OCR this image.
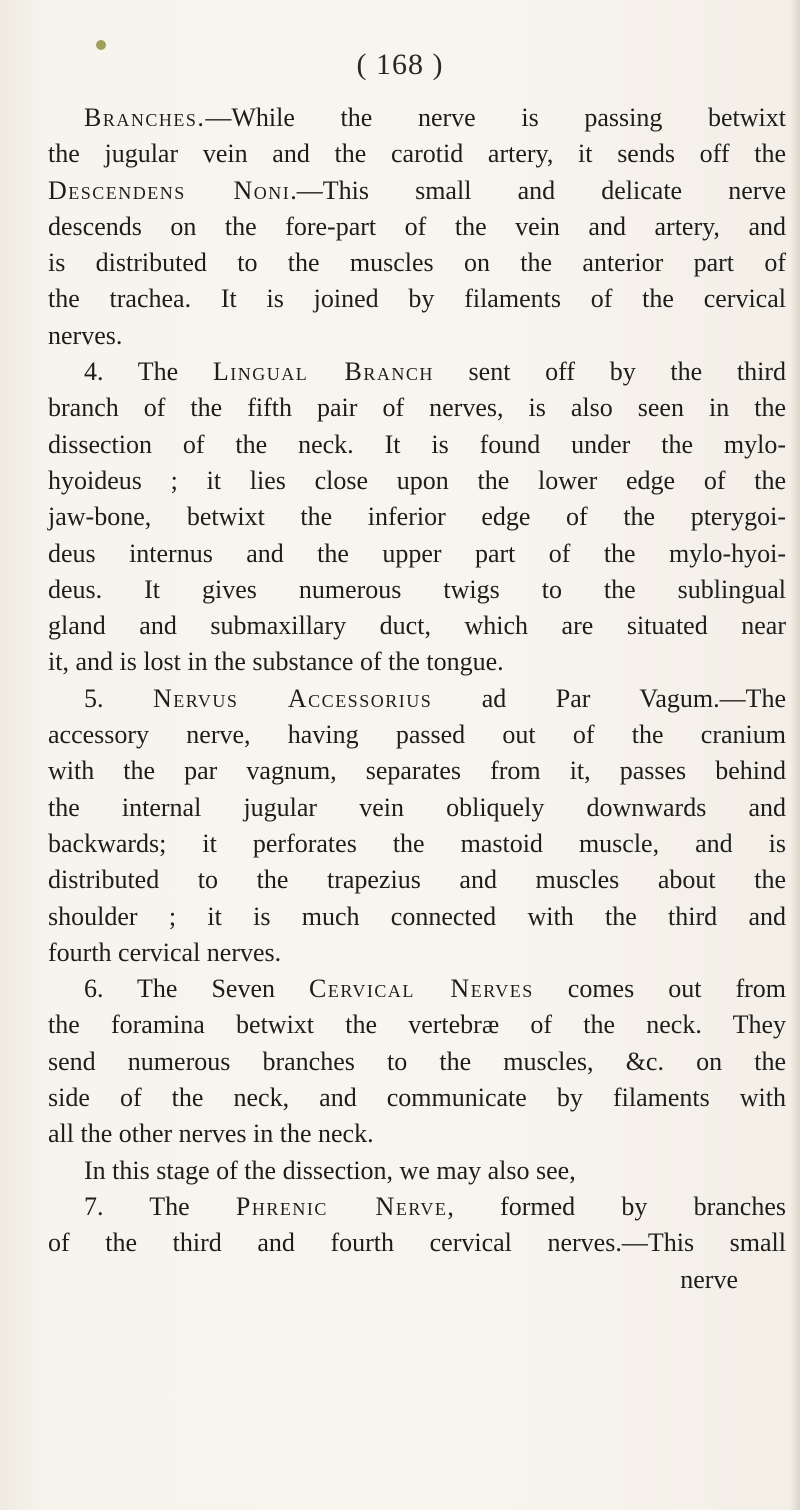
( 168 )
Branches.—While the nerve is passing betwixt
the jugular vein and the carotid artery, it sends off the
Descendens Noni.—This small and delicate nerve
descends on the fore-part of the vein and artery, and
is distributed to the muscles on the anterior part of
the trachea. It is joined by filaments of the cervical
nerves.
4. The Lingual Branch sent off by the third
branch of the fifth pair of nerves, is also seen in the
dissection of the neck. It is found under the mylo-
hyoideus ; it lies close upon the lower edge of the
jaw-bone, betwixt the inferior edge of the pterygoi-
deus internus and the upper part of the mylo-hyoi-
deus. It gives numerous twigs to the sublingual
gland and submaxillary duct, which are situated near
it, and is lost in the substance of the tongue.
5. Nervus Accessorius ad Par Vagum.—The
accessory nerve, having passed out of the cranium
with the par vagnum, separates from it, passes behind
the internal jugular vein obliquely downwards and
backwards; it perforates the mastoid muscle, and is
distributed to the trapezius and muscles about the
shoulder ; it is much connected with the third and
fourth cervical nerves.
6. The Seven Cervical Nerves comes out from
the foramina betwixt the vertebræ of the neck. They
send numerous branches to the muscles, &c. on the
side of the neck, and communicate by filaments with
all the other nerves in the neck.
In this stage of the dissection, we may also see,
7. The Phrenic Nerve, formed by branches
of the third and fourth cervical nerves.—This small
nerve
